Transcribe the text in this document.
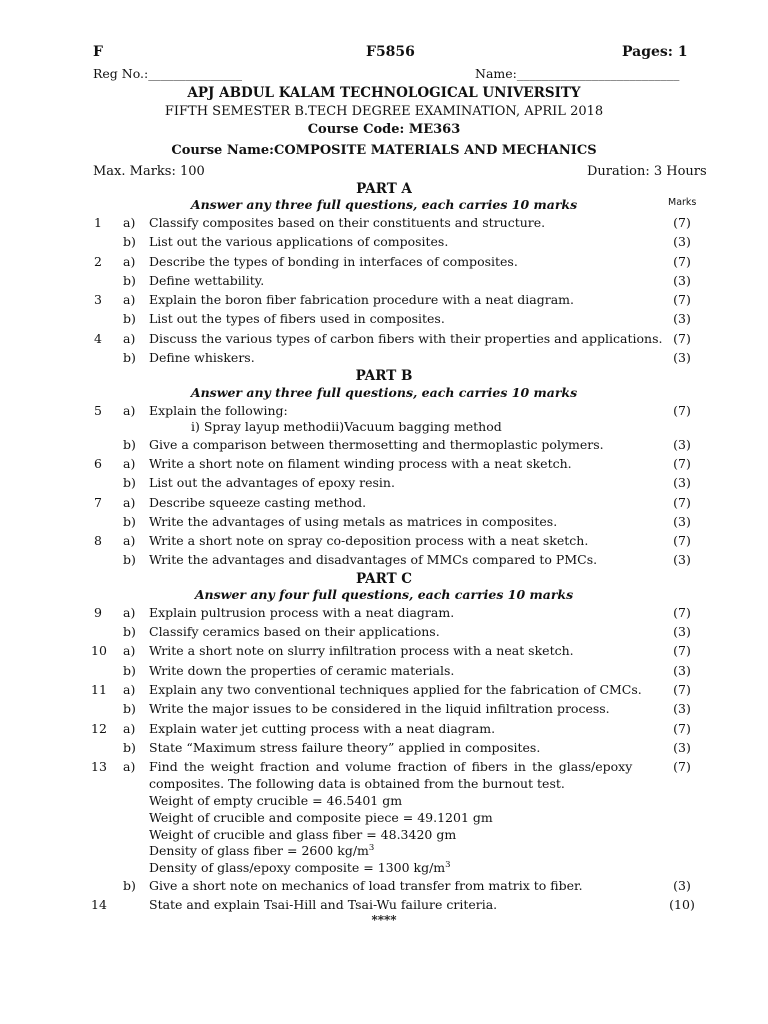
F	F5856	Pages: 1
Reg No.:_______________	Name:__________________________
APJ ABDUL KALAM TECHNOLOGICAL UNIVERSITY
FIFTH SEMESTER B.TECH DEGREE EXAMINATION, APRIL 2018
Course Code: ME363
Course Name:COMPOSITE MATERIALS AND MECHANICS
Max. Marks: 100	Duration: 3 Hours
PART A
Answer any three full questions, each carries 10 marks	Marks
1 a) Classify composites based on their constituents and structure.	(7)
b) List out the various applications of composites.	(3)
2 a) Describe the types of bonding in interfaces of composites.	(7)
b) Define wettability.	(3)
3 a) Explain the boron fiber fabrication procedure with a neat diagram.	(7)
b) List out the types of fibers used in composites.	(3)
4 a) Discuss the various types of carbon fibers with their properties and applications. (7)
b) Define whiskers.	(3)
PART B
Answer any three full questions, each carries 10 marks
5 a) Explain the following:	(7)
i) Spray layup methodii)Vacuum bagging method
b) Give a comparison between thermosetting and thermoplastic polymers.	(3)
6 a) Write a short note on filament winding process with a neat sketch.	(7)
b) List out the advantages of epoxy resin.	(3)
7 a) Describe squeeze casting method.	(7)
b) Write the advantages of using metals as matrices in composites.	(3)
8 a) Write a short note on spray co-deposition process with a neat sketch.	(7)
b) Write the advantages and disadvantages of MMCs compared to PMCs.	(3)
PART C
Answer any four full questions, each carries 10 marks
9 a) Explain pultrusion process with a neat diagram.	(7)
b) Classify ceramics based on their applications.	(3)
10 a) Write a short note on slurry infiltration process with a neat sketch.	(7)
b) Write down the properties of ceramic materials.	(3)
11 a) Explain any two conventional techniques applied for the fabrication of CMCs.	(7)
b) Write the major issues to be considered in the liquid infiltration process.	(3)
12 a) Explain water jet cutting process with a neat diagram.	(7)
b) State “Maximum stress failure theory” applied in composites.	(3)
13 a) Find the weight fraction and volume fraction of fibers in the glass/epoxy	(7)
composites. The following data is obtained from the burnout test.
Weight of empty crucible = 46.5401 gm
Weight of crucible and composite piece = 49.1201 gm
Weight of crucible and glass fiber = 48.3420 gm
Density of glass fiber = 2600 $kg/m^3$
Density of glass/epoxy composite = 1300 $kg/m^3$
b) Give a short note on mechanics of load transfer from matrix to fiber.	(3)
14	State and explain Tsai-Hill and Tsai-Wu failure criteria.	(10)
****
